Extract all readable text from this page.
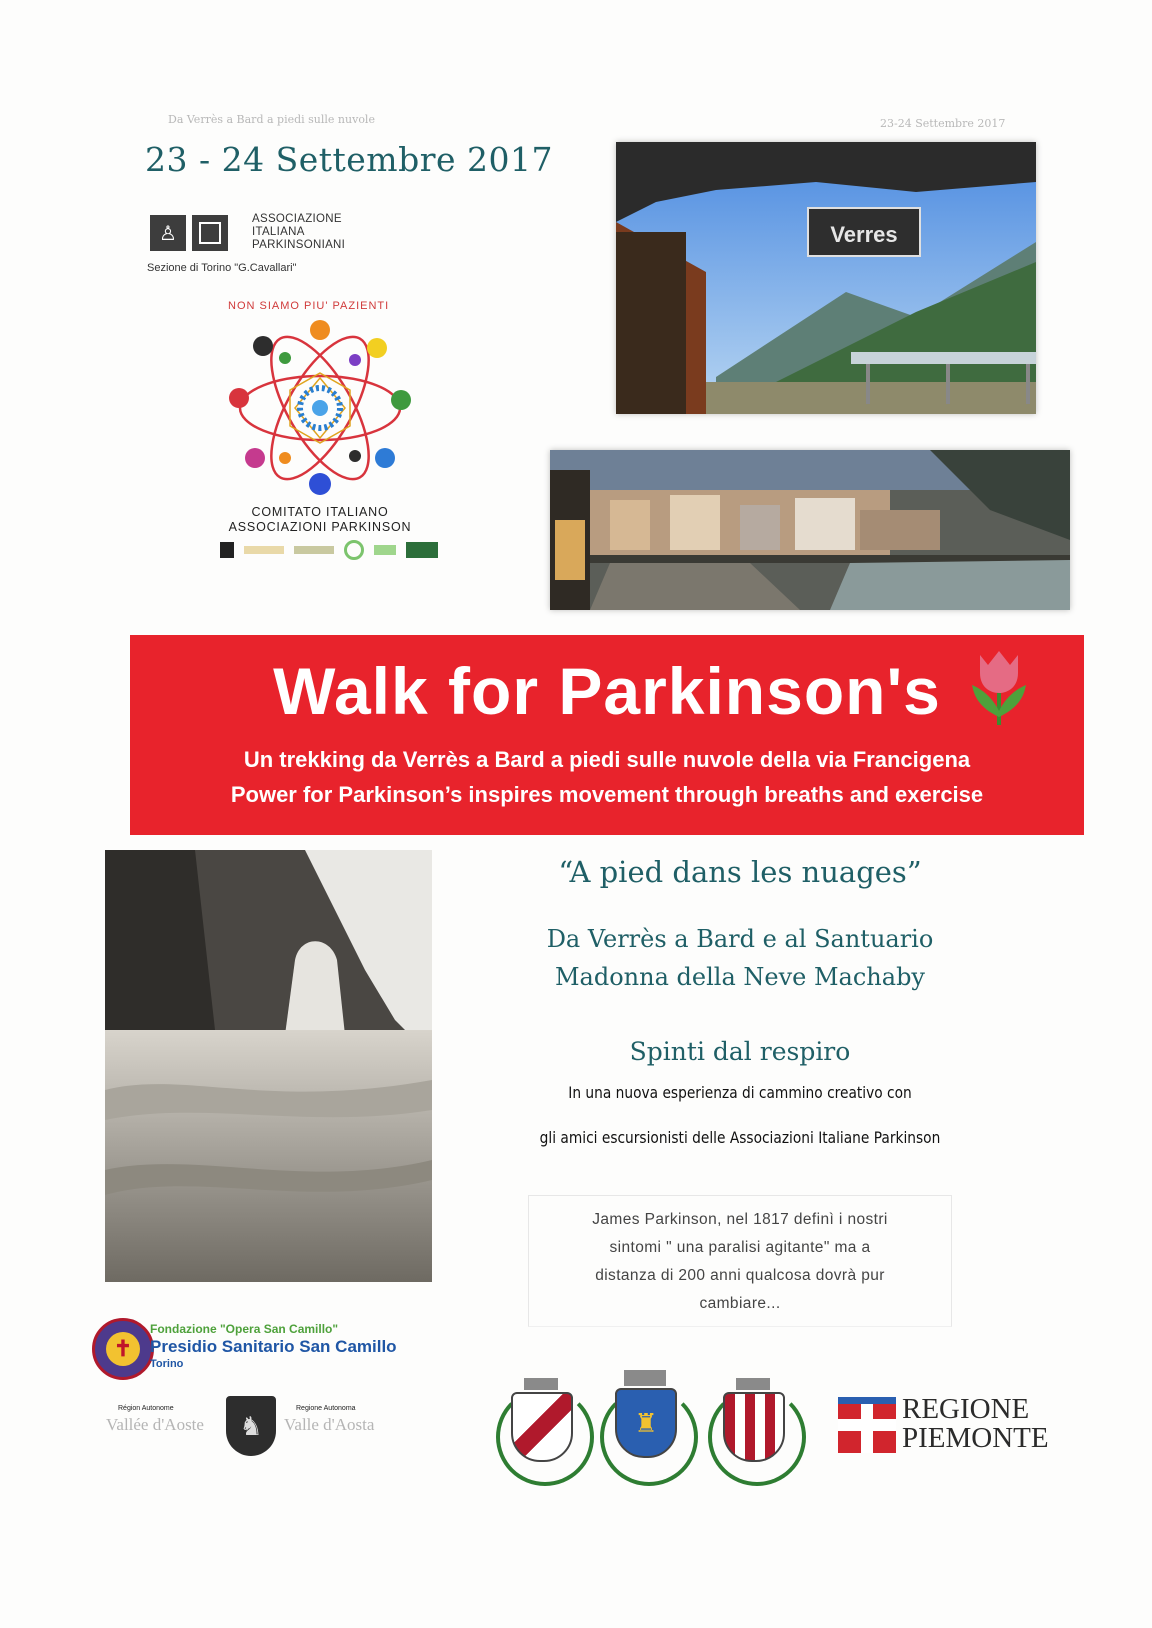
Da Verrès a Bard a piedi sulle nuvole	23-24 Settembre 2017
23 - 24 Settembre 2017
♙
ASSOCIAZIONE
ITALIANA
PARKINSONIANI
Sezione di Torino "G.Cavallari"
NON SIAMO PIU' PAZIENTI
COMITATO ITALIANO
ASSOCIAZIONI PARKINSON
Verres
Walk for Parkinson's
Un trekking da Verrès a Bard a piedi sulle nuvole della via Francigena
Power for Parkinson’s inspires movement through breaths and exercise
“A pied dans les nuages”
Da Verrès a Bard e al Santuario
Madonna della Neve Machaby
Spinti dal respiro
In una nuova esperienza di cammino creativo con
gli amici escursionisti delle Associazioni Italiane Parkinson
James Parkinson, nel 1817 definì i nostri
sintomi " una paralisi agitante" ma a
distanza di 200 anni qualcosa dovrà pur
cambiare...
✝
Fondazione "Opera San Camillo"
Presidio Sanitario San Camillo
Torino
Région Autonome
Vallée d'Aoste	♞
Regione Autonoma
Valle d'Aosta	♜	REGIONE
PIEMONTE
